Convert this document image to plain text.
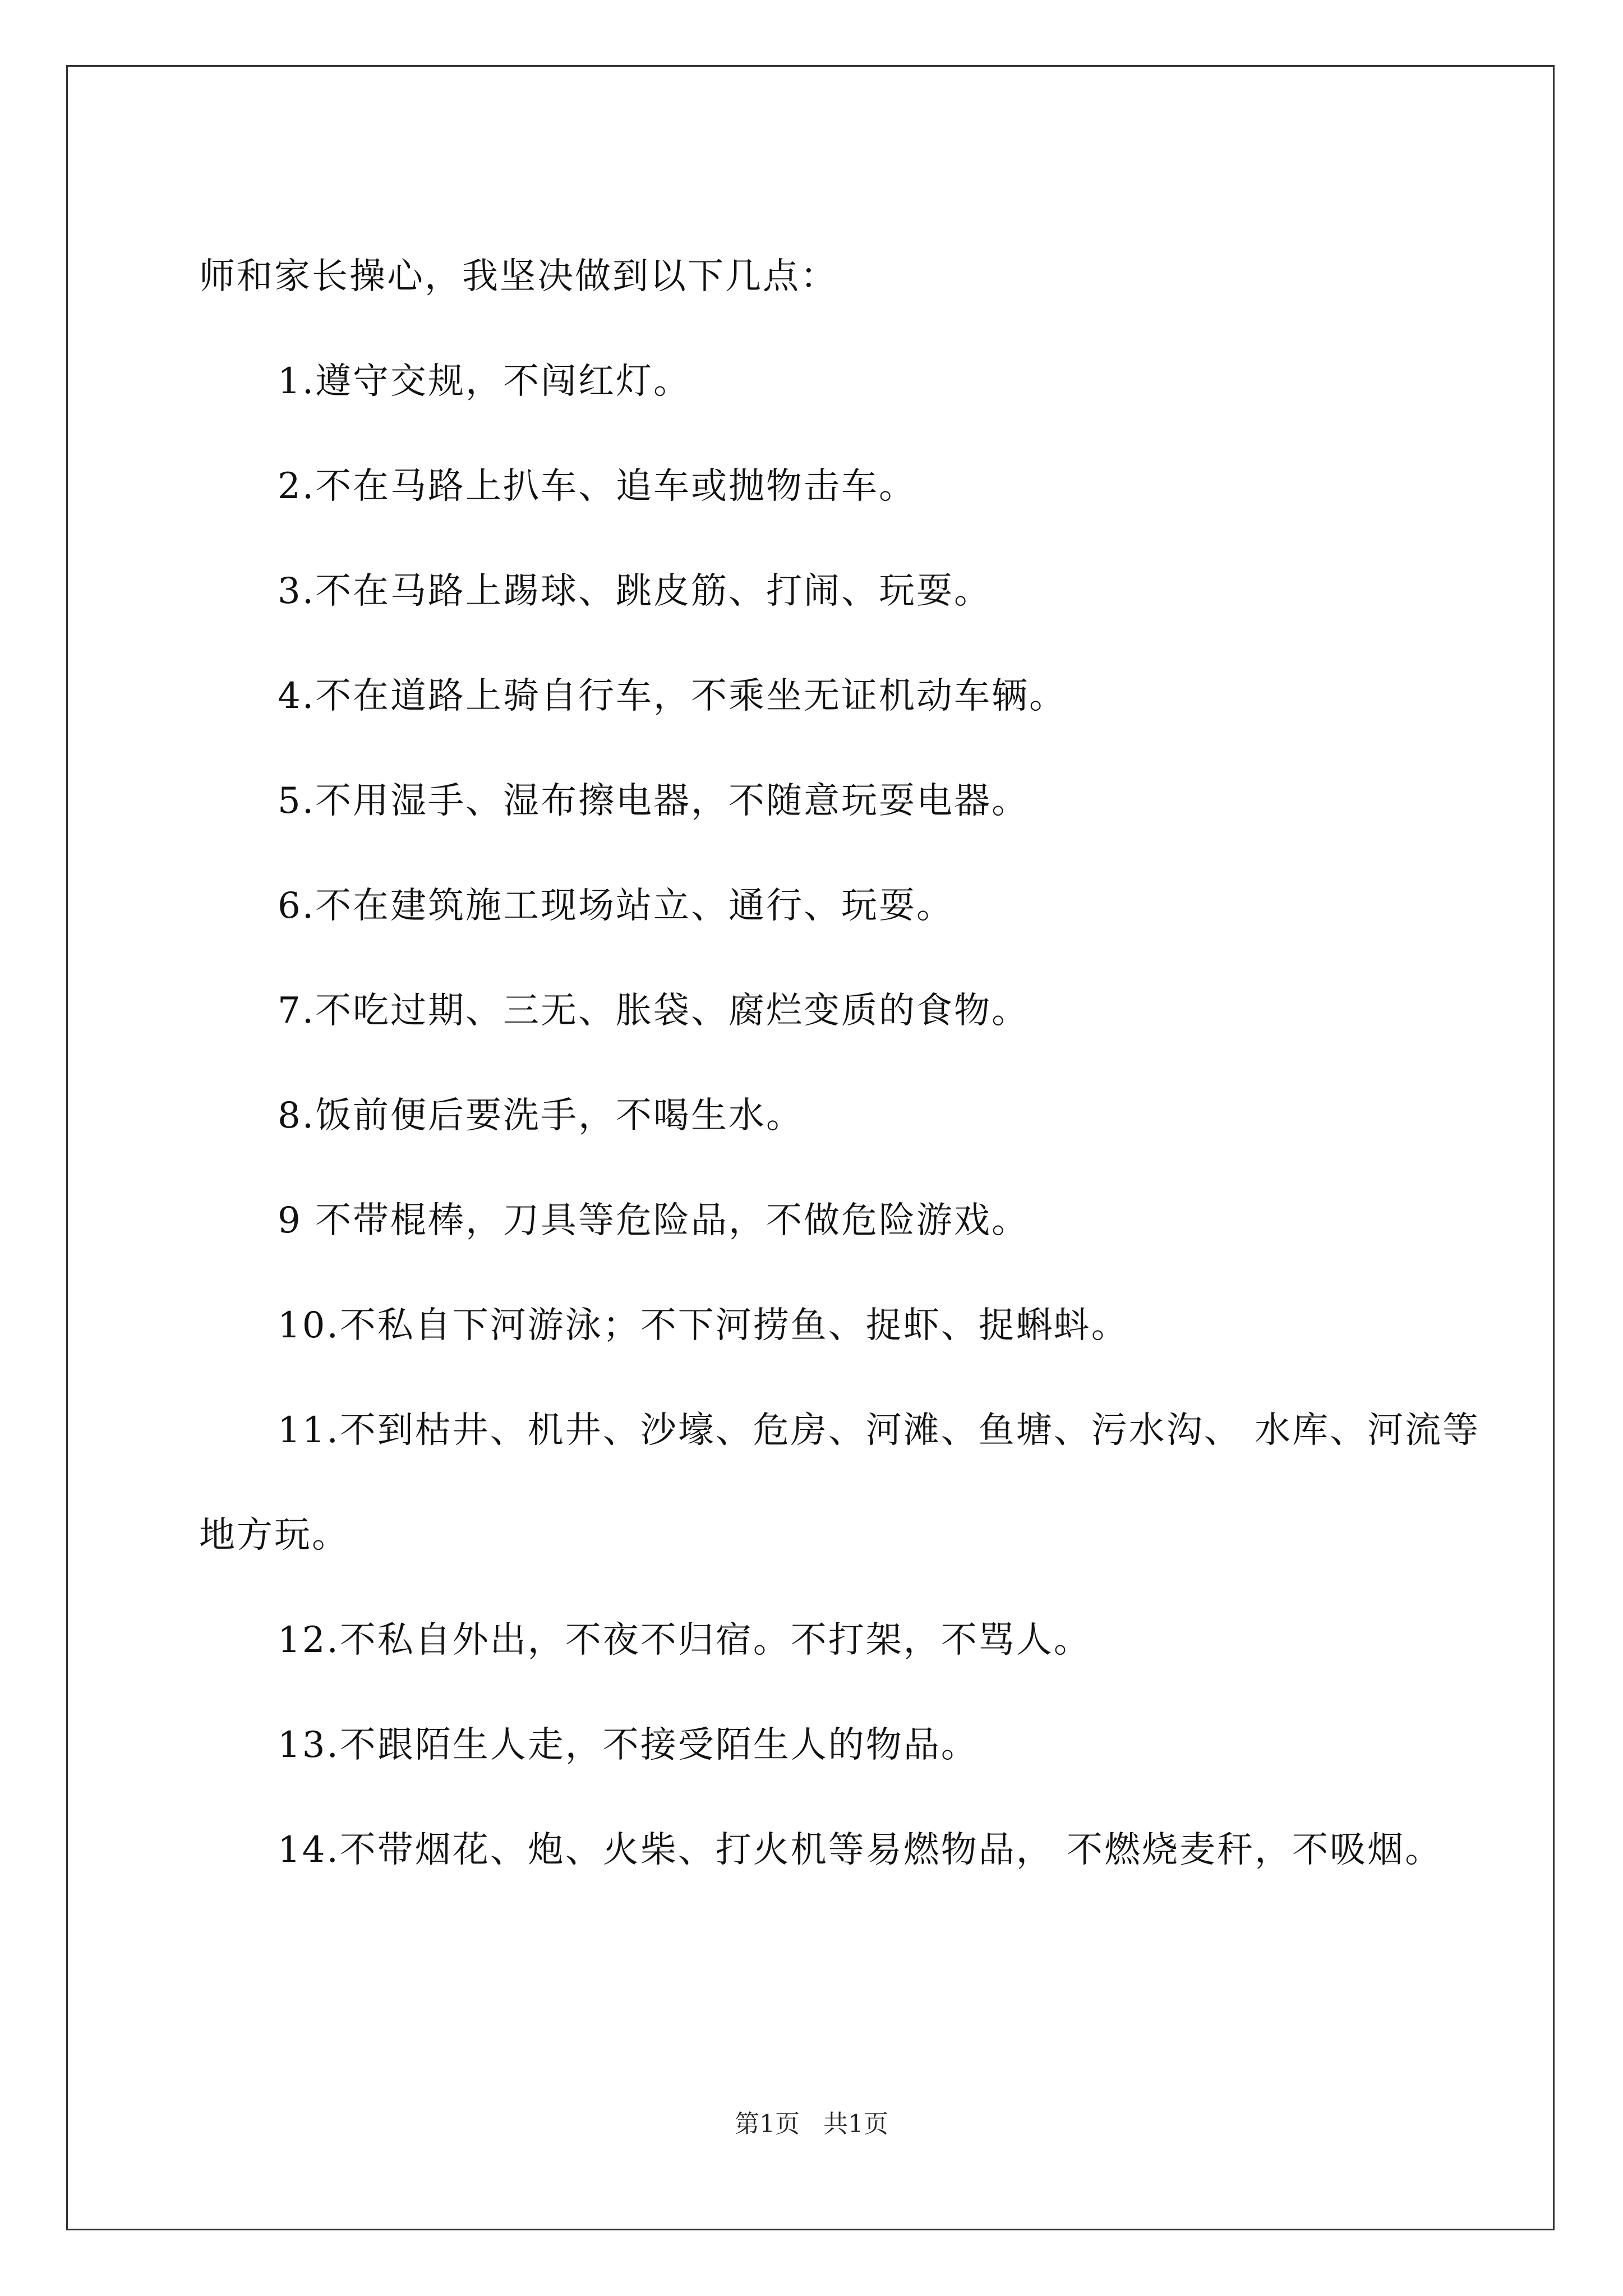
师和家长操心，我坚决做到以下几点：

1.遵守交规，不闯红灯。

2.不在马路上扒车、追车或抛物击车。

3.不在马路上踢球、跳皮筋、打闹、玩耍。

4.不在道路上骑自行车，不乘坐无证机动车辆。

5.不用湿手、湿布擦电器，不随意玩耍电器。

6.不在建筑施工现场站立、通行、玩耍。

7.不吃过期、三无、胀袋、腐烂变质的食物。

8.饭前便后要洗手，不喝生水。

9 不带棍棒，刀具等危险品，不做危险游戏。

10.不私自下河游泳；不下河捞鱼、捉虾、捉蝌蚪。

11.不到枯井、机井、沙壕、危房、河滩、鱼塘、污水沟、 水库、河流等地方玩。

12.不私自外出，不夜不归宿。不打架，不骂人。

13.不跟陌生人走，不接受陌生人的物品。

14.不带烟花、炮、火柴、打火机等易燃物品， 不燃烧麦秆，不吸烟。

第1页 共1页
